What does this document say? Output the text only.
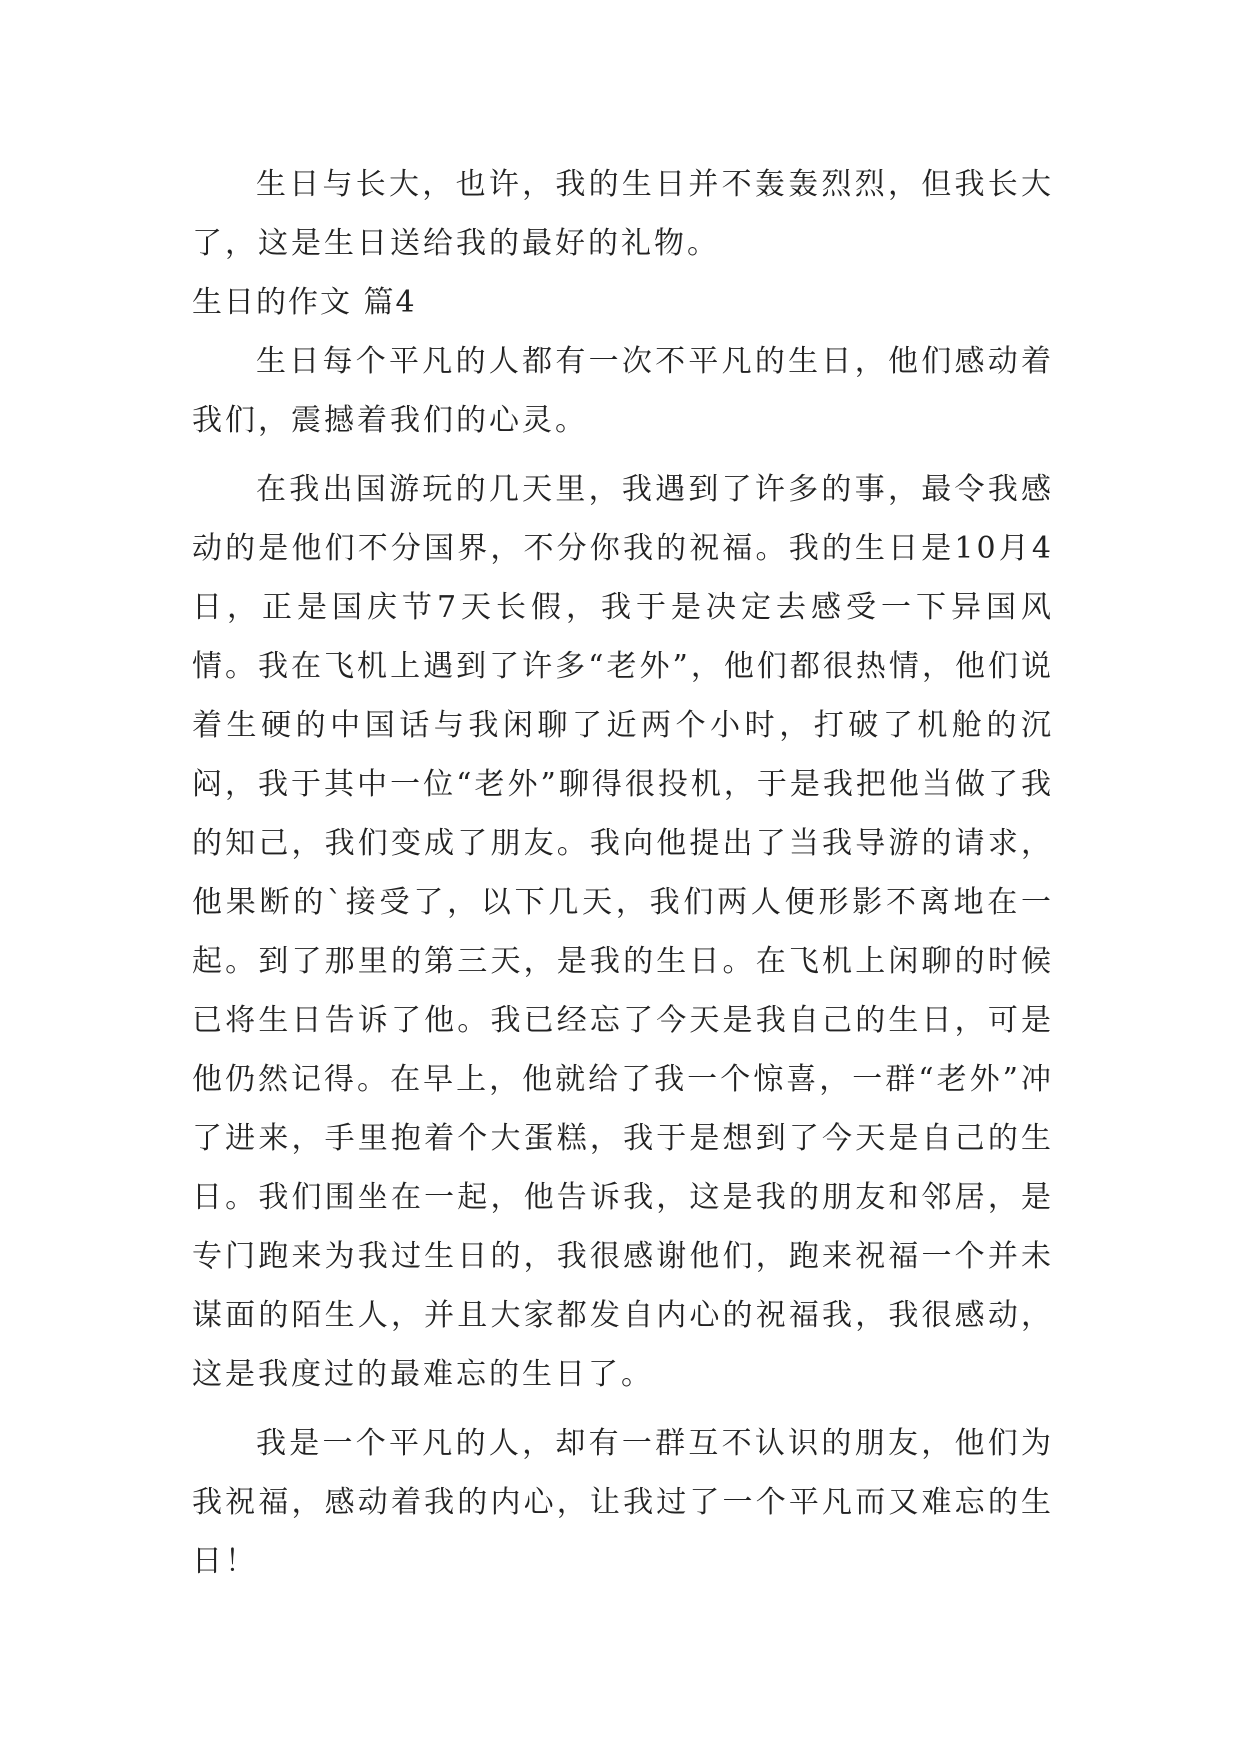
生日与长大，也许，我的生日并不轰轰烈烈，但我长大了，这是生日送给我的最好的礼物。

生日的作文 篇4

生日每个平凡的人都有一次不平凡的生日，他们感动着我们，震撼着我们的心灵。

在我出国游玩的几天里，我遇到了许多的事，最令我感动的是他们不分国界，不分你我的祝福。我的生日是10月4日，正是国庆节7天长假，我于是决定去感受一下异国风情。我在飞机上遇到了许多“老外”，他们都很热情，他们说着生硬的中国话与我闲聊了近两个小时，打破了机舱的沉闷，我于其中一位“老外”聊得很投机，于是我把他当做了我的知己，我们变成了朋友。我向他提出了当我导游的请求，他果断的`接受了，以下几天，我们两人便形影不离地在一起。到了那里的第三天，是我的生日。在飞机上闲聊的时候已将生日告诉了他。我已经忘了今天是我自己的生日，可是他仍然记得。在早上，他就给了我一个惊喜，一群“老外”冲了进来，手里抱着个大蛋糕，我于是想到了今天是自己的生日。我们围坐在一起，他告诉我，这是我的朋友和邻居，是专门跑来为我过生日的，我很感谢他们，跑来祝福一个并未谋面的陌生人，并且大家都发自内心的祝福我，我很感动，这是我度过的最难忘的生日了。

我是一个平凡的人，却有一群互不认识的朋友，他们为我祝福，感动着我的内心，让我过了一个平凡而又难忘的生日！
